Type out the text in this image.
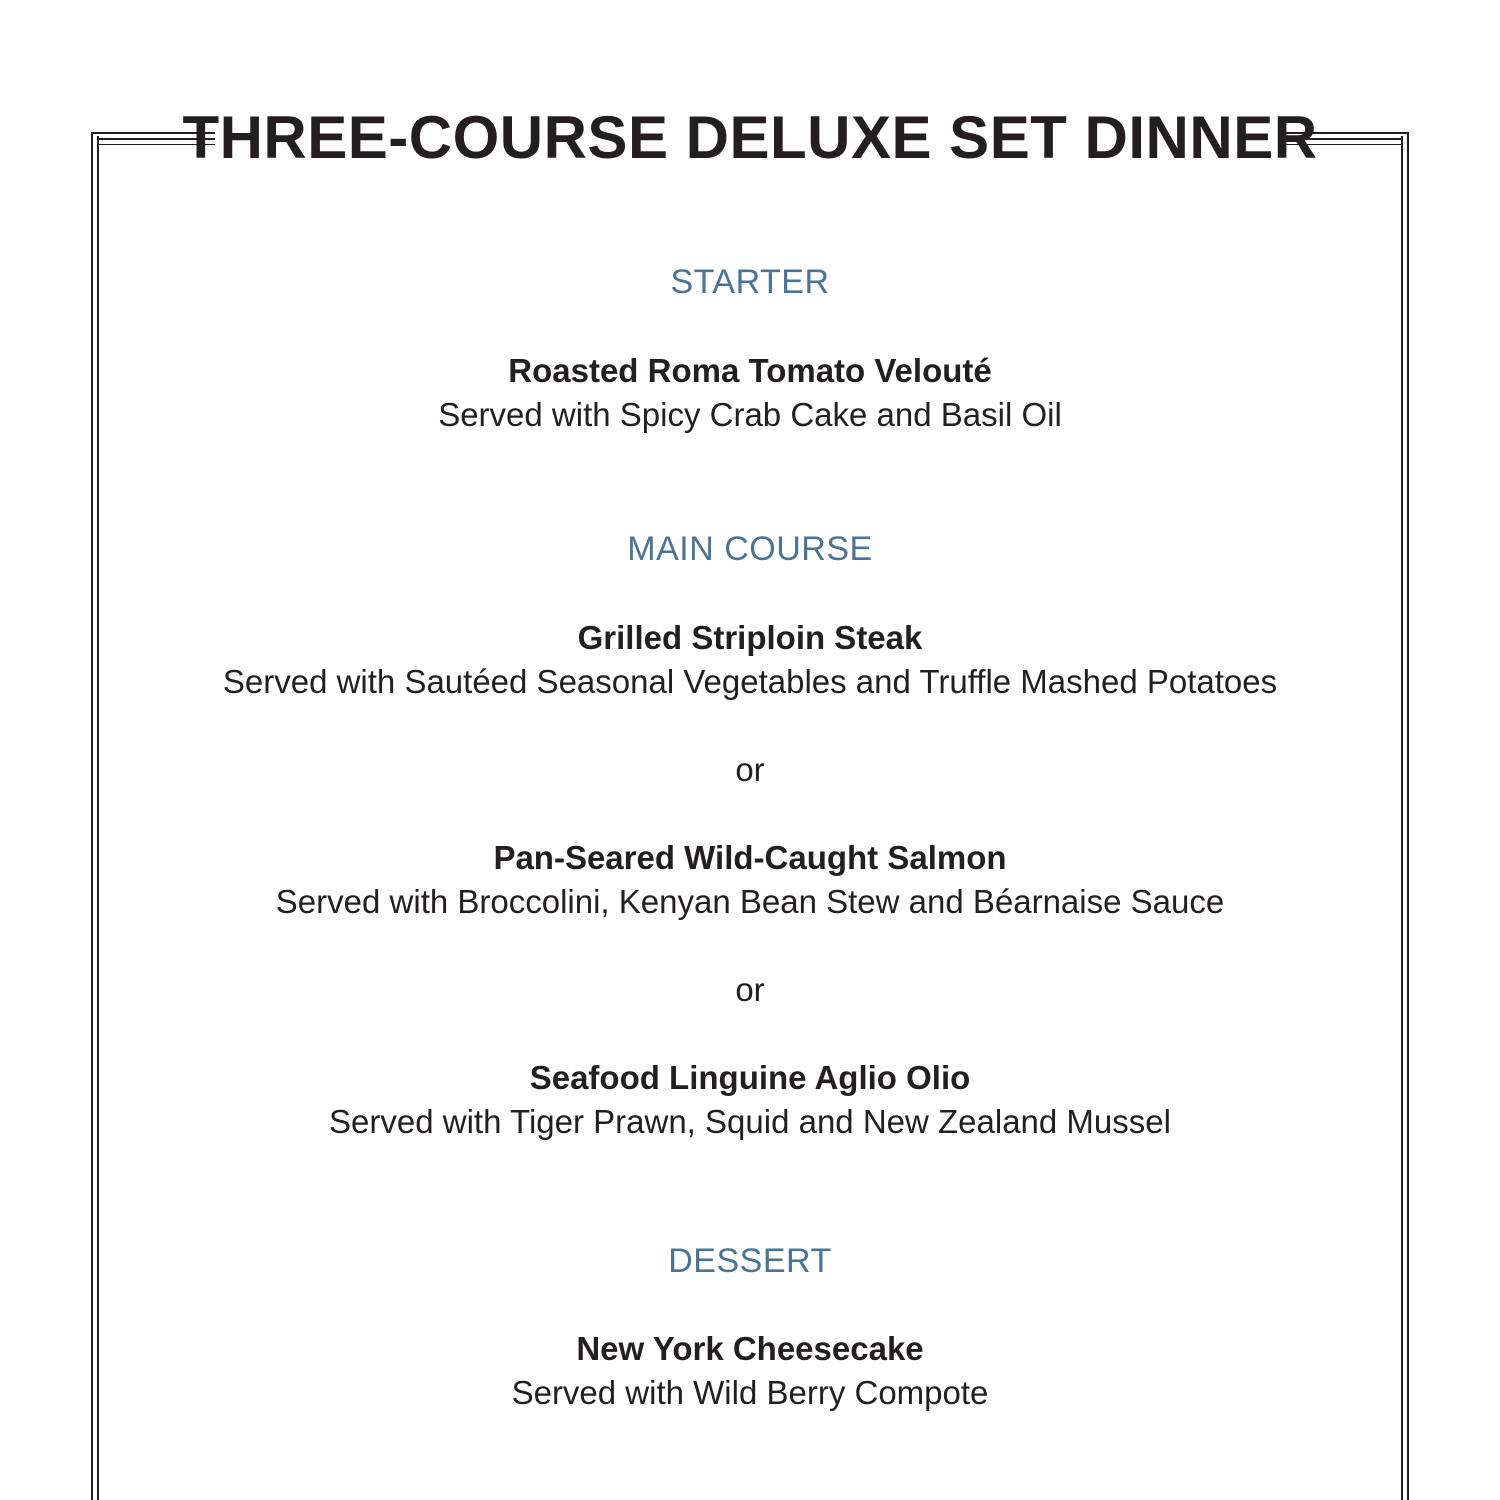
THREE-COURSE DELUXE SET DINNER
STARTER
Roasted Roma Tomato Velouté
Served with Spicy Crab Cake and Basil Oil
MAIN COURSE
Grilled Striploin Steak
Served with Sautéed Seasonal Vegetables and Truffle Mashed Potatoes
or
Pan-Seared Wild-Caught Salmon
Served with Broccolini, Kenyan Bean Stew and Béarnaise Sauce
or
Seafood Linguine Aglio Olio
Served with Tiger Prawn, Squid and New Zealand Mussel
DESSERT
New York Cheesecake
Served with Wild Berry Compote
